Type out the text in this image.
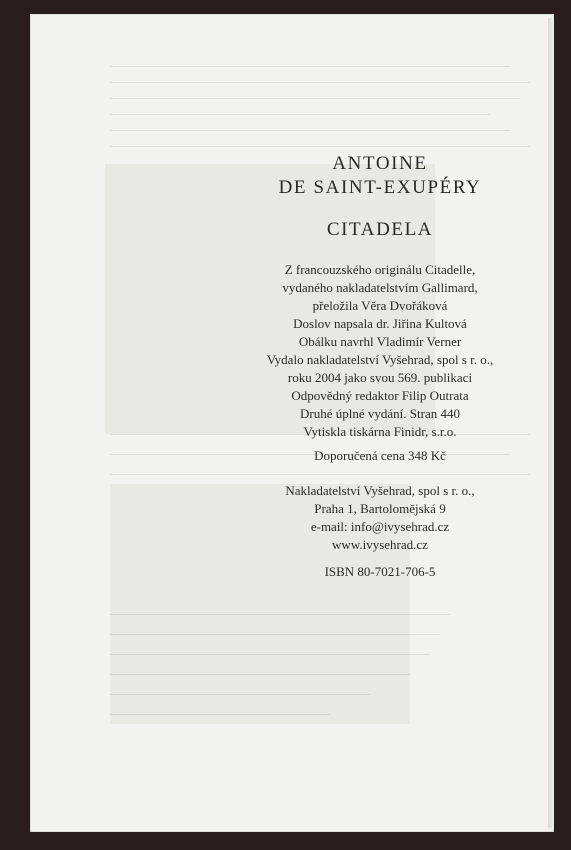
ANTOINE
DE SAINT-EXUPÉRY
CITADELA
Z francouzského originálu Citadelle,
vydaného nakladatelstvím Gallimard,
přeložila Věra Dvořáková
Doslov napsala dr. Jiřina Kultová
Obálku navrhl Vladimír Verner
Vydalo nakladatelství Vyšehrad, spol s r. o.,
roku 2004 jako svou 569. publikaci
Odpovědný redaktor Filip Outrata
Druhé úplné vydání. Stran 440
Vytiskla tiskárna Finidr, s.r.o.
Doporučená cena 348 Kč
Nakladatelství Vyšehrad, spol s r. o.,
Praha 1, Bartolomějská 9
e-mail: info@ivysehrad.cz
www.ivysehrad.cz
ISBN 80-7021-706-5
